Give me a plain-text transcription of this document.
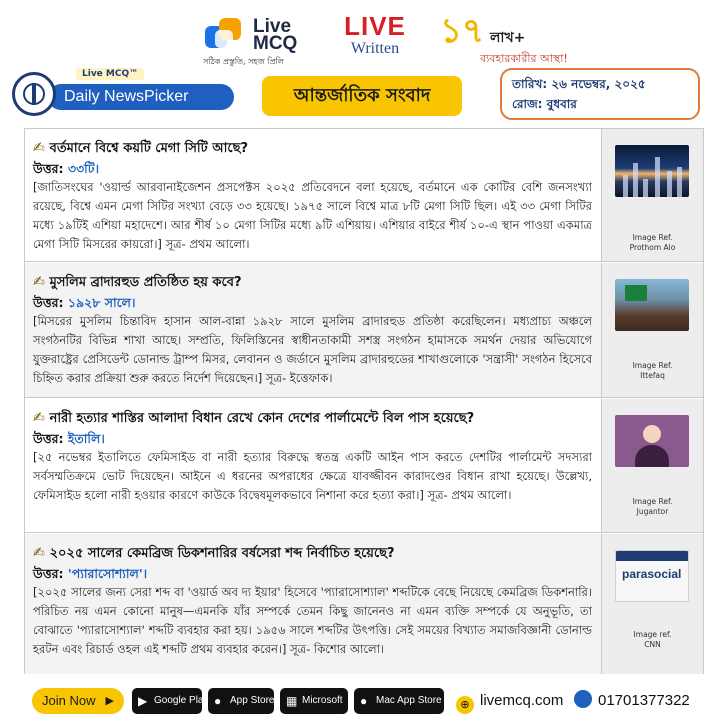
Live
MCQ
সঠিক প্রস্তুতি, সহজ প্রিলি
LIVE
Written	১৭ লাখ+
ব্যবহারকারীর আস্থা!
Daily NewsPicker
Live MCQ™
আন্তর্জাতিক সংবাদ
তারিখ: ২৬ নভেম্বর, ২০২৫
রোজ: বুধবার
✍ বর্তমানে বিশ্বে কয়টি মেগা সিটি আছে?
উত্তর: ৩৩টি।
[জাতিসংঘের 'ওয়ার্ল্ড আরবানাইজেশন প্রসপেক্টস ২০২৫ প্রতিবেদনে বলা হয়েছে, বর্তমানে এক কোটির বেশি জনসংখ্যা রয়েছে, বিশ্বে এমন মেগা সিটির সংখ্যা বেড়ে ৩৩ হয়েছে। ১৯৭৫ সালে বিশ্বে মাত্র ৮টি মেগা সিটি ছিল। এই ৩৩ মেগা সিটির মধ্যে ১৯টিই এশিয়া মহাদেশে। আর শীর্ষ ১০ মেগা সিটির মধ্যে ৯টি এশিয়ায়। এশিয়ার বাইরে শীর্ষ ১০-এ স্থান পাওয়া একমাত্র মেগা সিটি মিসরের কায়রো।] সূত্র- প্রথম আলো।	Image Ref.
Prothom Alo
✍ মুসলিম ব্রাদারহুড প্রতিষ্ঠিত হয় কবে?
উত্তর: ১৯২৮ সালে।
[মিসরের মুসলিম চিন্তাবিদ হাসান আল-বান্না ১৯২৮ সালে মুসলিম ব্রাদারহুড প্রতিষ্ঠা করেছিলেন। মধ্যপ্রাচ্য অঞ্চলে সংগঠনটির বিভিন্ন শাখা আছে। সম্প্রতি, ফিলিস্তিনের স্বাধীনতাকামী সশস্ত্র সংগঠন হামাসকে সমর্থন দেয়ার অভিযোগে যুক্তরাষ্ট্রের প্রেসিডেন্ট ডোনাল্ড ট্রাম্প মিসর, লেবানন ও জর্ডানে মুসলিম ব্রাদারহুডের শাখাগুলোকে 'সন্ত্রাসী' সংগঠন হিসেবে চিহ্নিত করার প্রক্রিয়া শুরু করতে নির্দেশ দিয়েছেন।] সূত্র- ইত্তেফাক।
Image Ref.
Ittefaq
✍ নারী হত্যার শাস্তির আলাদা বিধান রেখে কোন দেশের পার্লামেন্টে বিল পাস হয়েছে?
উত্তর: ইতালি।
[২৫ নভেম্বর ইতালিতে ফেমিসাইড বা নারী হত্যার বিরুদ্ধে স্বতন্ত্র একটি আইন পাস করতে দেশটির পার্লামেন্ট সদস্যরা সর্বসম্মতিক্রমে ভোট দিয়েছেন। আইনে এ ধরনের অপরাধের ক্ষেত্রে যাবজ্জীবন কারাদণ্ডের বিধান রাখা হয়েছে। উল্লেখ্য, ফেমিসাইড হলো নারী হওয়ার কারণে কাউকে বিদ্বেষমূলকভাবে নিশানা করে হত্যা করা।] সূত্র- প্রথম আলো।	Image Ref.
Jugantor
✍ ২০২৫ সালের কেমব্রিজ ডিকশনারির বর্ষসেরা শব্দ নির্বাচিত হয়েছে?
উত্তর: 'প্যারাসোশ্যাল'।
[২০২৫ সালের জন্য সেরা শব্দ বা 'ওয়ার্ড অব দ্য ইয়ার' হিসেবে 'প্যারাসোশ্যাল' শব্দটিকে বেছে নিয়েছে কেমব্রিজ ডিকশনারি। পরিচিত নয় এমন কোনো মানুষ—এমনকি যাঁর সম্পর্কে তেমন কিছু জানেনও না এমন ব্যক্তি সম্পর্কে যে অনুভূতি, তা বোঝাতে 'প্যারাসোশ্যাল' শব্দটি ব্যবহার করা হয়। ১৯৫৬ সালে শব্দটির উৎপত্তি। সেই সময়ের বিখ্যাত সমাজবিজ্ঞানী ডোনাল্ড হরটন এবং রিচার্ড ওহল এই শব্দটি প্রথম ব্যবহার করেন।] সূত্র- কিশোর আলো।
parasocial
Image ref.
CNN
Join Now ▶ ▶ Google Play ● App Store ▦ Microsoft	● Mac App Store	⊕ livemcq.com	01701377322
